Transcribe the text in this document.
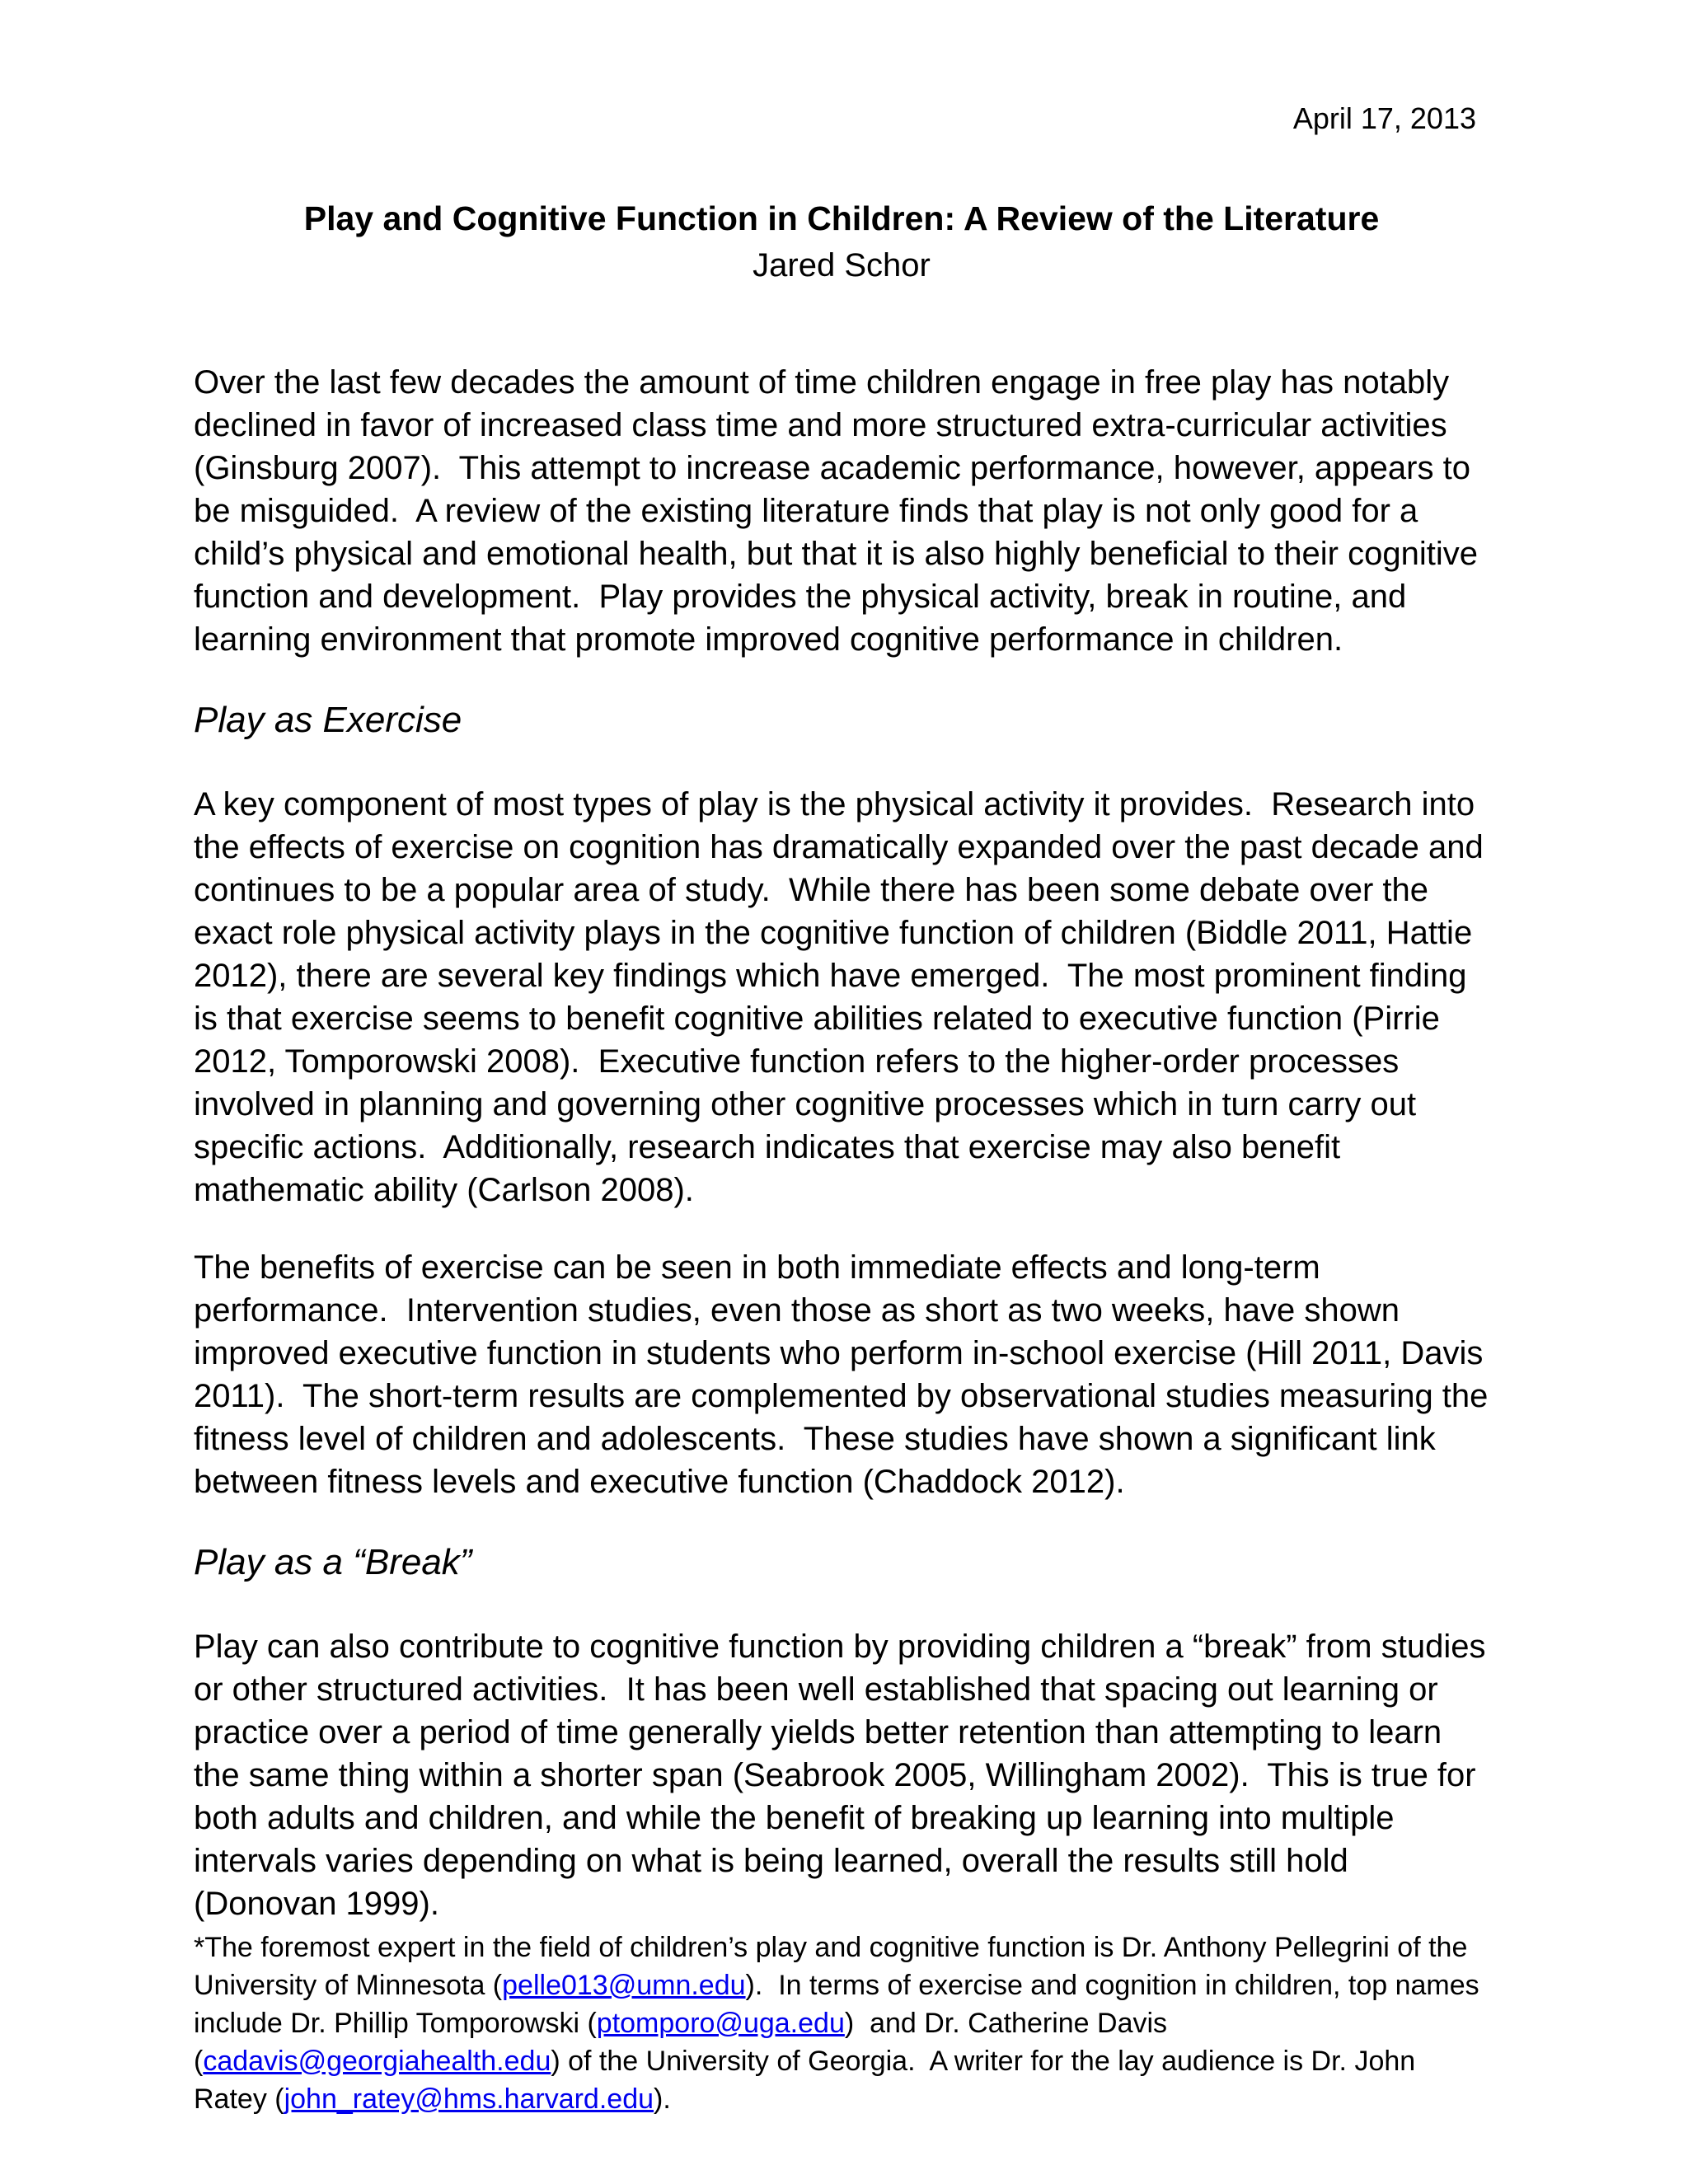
April 17, 2013
Play and Cognitive Function in Children: A Review of the Literature
Jared Schor

Over the last few decades the amount of time children engage in free play has notably declined in favor of increased class time and more structured extra-curricular activities (Ginsburg 2007).  This attempt to increase academic performance, however, appears to be misguided.  A review of the existing literature finds that play is not only good for a child’s physical and emotional health, but that it is also highly beneficial to their cognitive function and development.  Play provides the physical activity, break in routine, and learning environment that promote improved cognitive performance in children.

Play as Exercise

A key component of most types of play is the physical activity it provides.  Research into the effects of exercise on cognition has dramatically expanded over the past decade and continues to be a popular area of study.  While there has been some debate over the exact role physical activity plays in the cognitive function of children (Biddle 2011, Hattie 2012), there are several key findings which have emerged.  The most prominent finding is that exercise seems to benefit cognitive abilities related to executive function (Pirrie 2012, Tomporowski 2008).  Executive function refers to the higher-order processes involved in planning and governing other cognitive processes which in turn carry out specific actions.  Additionally, research indicates that exercise may also benefit mathematic ability (Carlson 2008).

The benefits of exercise can be seen in both immediate effects and long-term performance.  Intervention studies, even those as short as two weeks, have shown improved executive function in students who perform in-school exercise (Hill 2011, Davis 2011).  The short-term results are complemented by observational studies measuring the fitness level of children and adolescents.  These studies have shown a significant link between fitness levels and executive function (Chaddock 2012).

Play as a “Break”

Play can also contribute to cognitive function by providing children a “break” from studies or other structured activities.  It has been well established that spacing out learning or practice over a period of time generally yields better retention than attempting to learn the same thing within a shorter span (Seabrook 2005, Willingham 2002).  This is true for both adults and children, and while the benefit of breaking up learning into multiple intervals varies depending on what is being learned, overall the results still hold (Donovan 1999).

*The foremost expert in the field of children’s play and cognitive function is Dr. Anthony Pellegrini of the University of Minnesota (pelle013@umn.edu).  In terms of exercise and cognition in children, top names include Dr. Phillip Tomporowski (ptomporo@uga.edu)  and Dr. Catherine Davis (cadavis@georgiahealth.edu) of the University of Georgia.  A writer for the lay audience is Dr. John Ratey (john_ratey@hms.harvard.edu).
